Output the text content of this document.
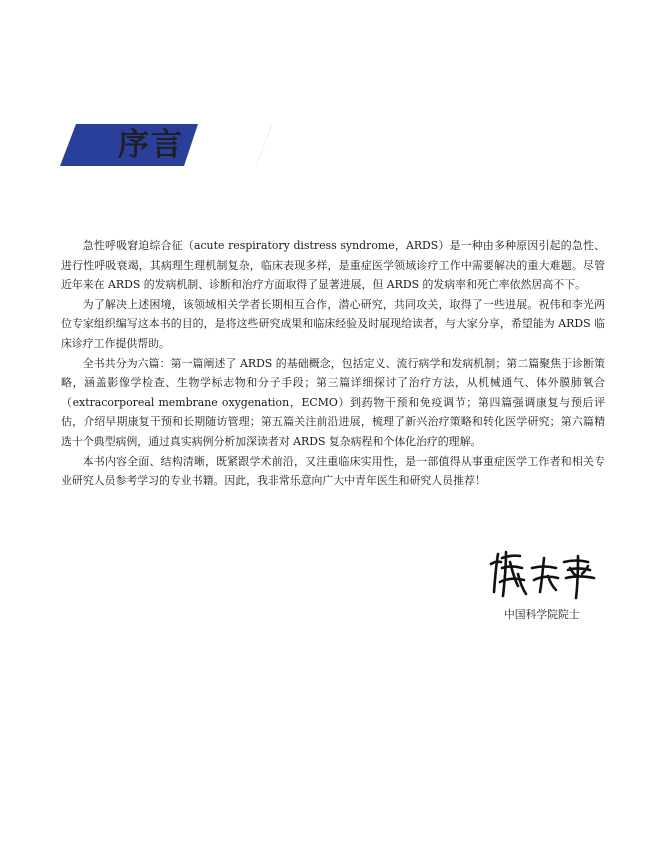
序言

急性呼吸窘迫综合征（acute respiratory distress syndrome，ARDS）是一种由多种原因引起的急性、进行性呼吸衰竭，其病理生理机制复杂，临床表现多样，是重症医学领域诊疗工作中需要解决的重大难题。尽管近年来在 ARDS 的发病机制、诊断和治疗方面取得了显著进展，但 ARDS 的发病率和死亡率依然居高不下。

为了解决上述困境，该领域相关学者长期相互合作，潜心研究，共同攻关，取得了一些进展。祝伟和李光两位专家组织编写这本书的目的，是将这些研究成果和临床经验及时展现给读者，与大家分享，希望能为 ARDS 临床诊疗工作提供帮助。

全书共分为六篇：第一篇阐述了 ARDS 的基础概念，包括定义、流行病学和发病机制；第二篇聚焦于诊断策略，涵盖影像学检查、生物学标志物和分子手段；第三篇详细探讨了治疗方法，从机械通气、体外膜肺氧合（extracorporeal membrane oxygenation，ECMO）到药物干预和免疫调节；第四篇强调康复与预后评估，介绍早期康复干预和长期随访管理；第五篇关注前沿进展，梳理了新兴治疗策略和转化医学研究；第六篇精选十个典型病例，通过真实病例分析加深读者对 ARDS 复杂病程和个体化治疗的理解。

本书内容全面、结构清晰，既紧跟学术前沿，又注重临床实用性，是一部值得从事重症医学工作者和相关专业研究人员参考学习的专业书籍。因此，我非常乐意向广大中青年医生和研究人员推荐！

中国科学院院士
